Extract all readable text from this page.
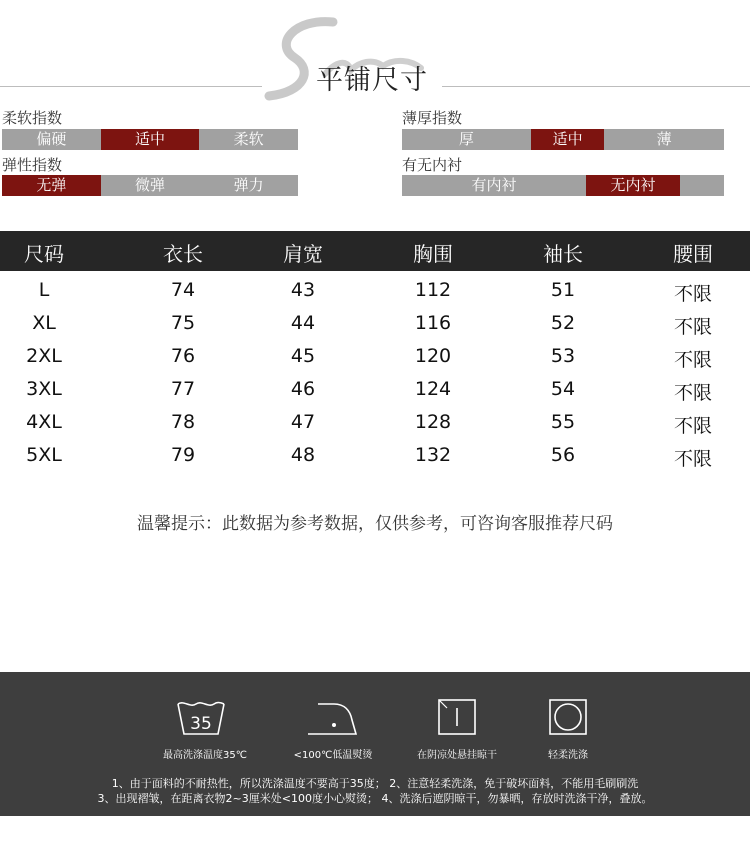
平铺尺寸
柔软指数
偏硬	适中	柔软
弹性指数
无弹	微弹	弹力
薄厚指数
厚	适中	薄
有无内衬
有内衬	无内衬
尺码	衣长	肩宽	胸围	袖长	腰围
L	74	43	112	51	不限
XL	75	44	116	52	不限
2XL	76	45	120	53	不限
3XL	77	46	124	54	不限
4XL	78	47	128	55	不限
5XL	79	48	132	56	不限
温馨提示：此数据为参考数据，仅供参考，可咨询客服推荐尺码
35
最高洗涤温度35℃	<100℃低温熨烫	在阴凉处悬挂晾干	轻柔洗涤
1、由于面料的不耐热性，所以洗涤温度不要高于35度； 2、注意轻柔洗涤，免于破坏面料，不能用毛刷刷洗
3、出现褶皱，在距离衣物2~3厘米处<100度小心熨烫； 4、洗涤后遮阴晾干，勿暴晒，存放时洗涤干净，叠放。
